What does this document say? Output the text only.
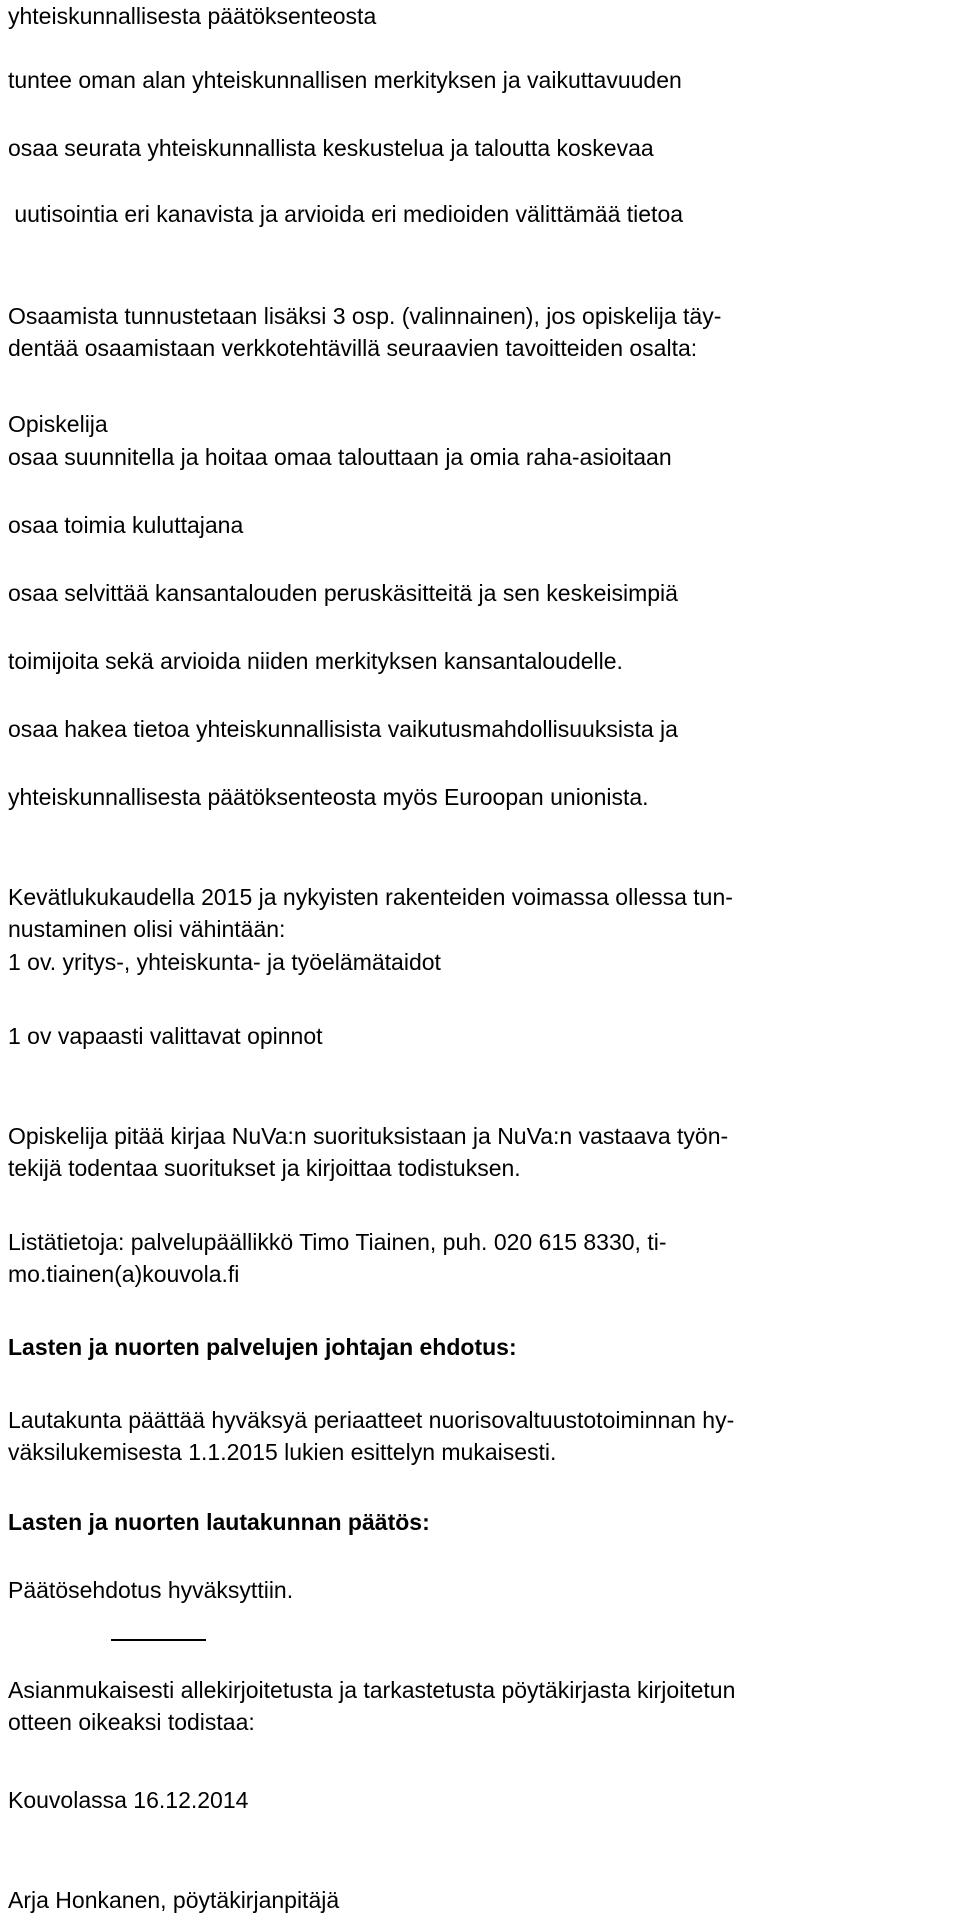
yhteiskunnallisesta päätöksenteosta
tuntee oman alan yhteiskunnallisen merkityksen ja vaikuttavuuden
osaa seurata yhteiskunnallista keskustelua ja taloutta koskevaa
uutisointia eri kanavista ja arvioida eri medioiden välittämää tietoa
Osaamista tunnustetaan lisäksi 3 osp. (valinnainen), jos opiskelija täy-
dentää osaamistaan verkkotehtävillä seuraavien tavoitteiden osalta:
Opiskelija
osaa suunnitella ja hoitaa omaa talouttaan ja omia raha-asioitaan
osaa toimia kuluttajana
osaa selvittää kansantalouden peruskäsitteitä ja sen keskeisimpiä
toimijoita sekä arvioida niiden merkityksen kansantaloudelle.
osaa hakea tietoa yhteiskunnallisista vaikutusmahdollisuuksista ja
yhteiskunnallisesta päätöksenteosta myös Euroopan unionista.
Kevätlukukaudella 2015 ja nykyisten rakenteiden voimassa ollessa tun-
nustaminen olisi vähintään:
1 ov. yritys-, yhteiskunta- ja työelämätaidot
1 ov vapaasti valittavat opinnot
Opiskelija pitää kirjaa NuVa:n suorituksistaan ja NuVa:n vastaava työn-
tekijä todentaa suoritukset ja kirjoittaa todistuksen.
Listätietoja: palvelupäällikkö Timo Tiainen, puh. 020 615 8330, ti-
mo.tiainen(a)kouvola.fi
Lasten ja nuorten palvelujen johtajan ehdotus:
Lautakunta päättää hyväksyä periaatteet nuorisovaltuustotoiminnan hy-
väksilukemisesta 1.1.2015 lukien esittelyn mukaisesti.
Lasten ja nuorten lautakunnan päätös:
Päätösehdotus hyväksyttiin.
Asianmukaisesti allekirjoitetusta ja tarkastetusta pöytäkirjasta kirjoitetun
otteen oikeaksi todistaa:
Kouvolassa 16.12.2014
Arja Honkanen, pöytäkirjanpitäjä
